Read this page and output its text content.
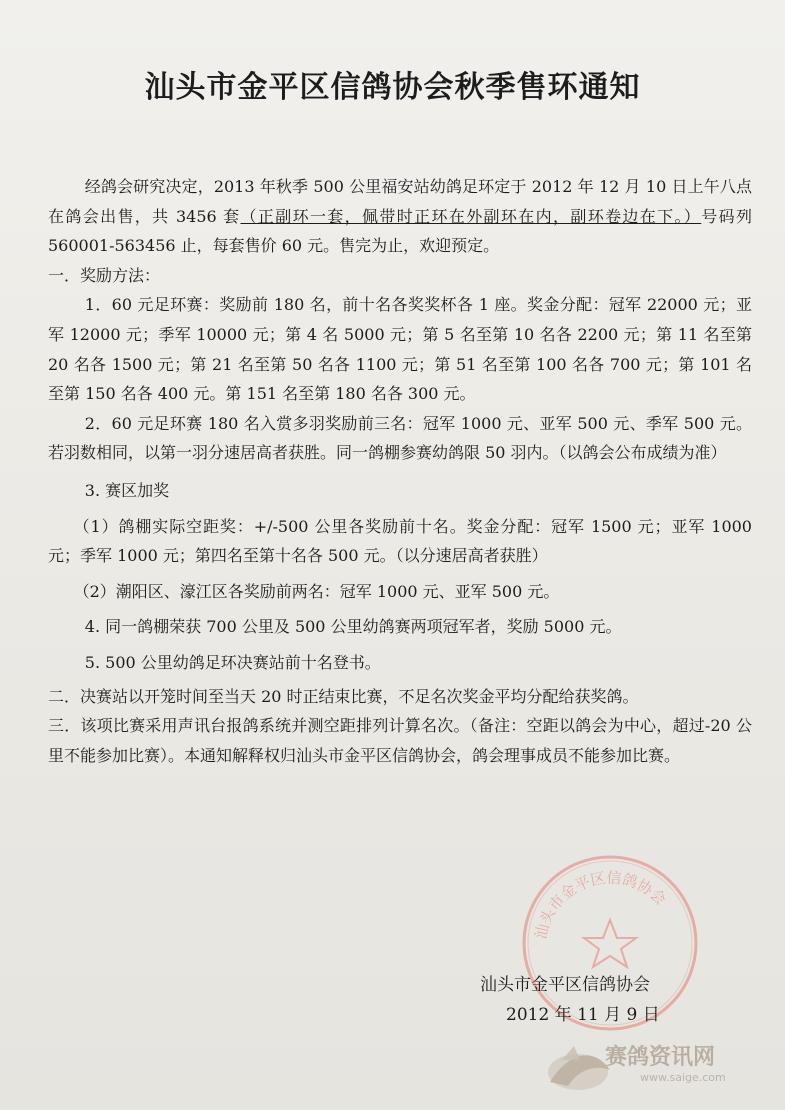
汕头市金平区信鸽协会秋季售环通知

经鸽会研究决定，2013 年秋季 500 公里福安站幼鸽足环定于 2012 年 12 月 10 日上午八点在鸽会出售，共 3456 套（正副环一套，佩带时正环在外副环在内，副环卷边在下。）号码列 560001-563456 止，每套售价 60 元。售完为止，欢迎预定。

一．奖励方法：

1．60 元足环赛：奖励前 180 名，前十名各奖奖杯各 1 座。奖金分配：冠军 22000 元；亚军 12000 元；季军 10000 元；第 4 名 5000 元；第 5 名至第 10 名各 2200 元；第 11 名至第 20 名各 1500 元；第 21 名至第 50 名各 1100 元；第 51 名至第 100 名各 700 元；第 101 名至第 150 名各 400 元。第 151 名至第 180 名各 300 元。

2．60 元足环赛 180 名入赏多羽奖励前三名：冠军 1000 元、亚军 500 元、季军 500 元。若羽数相同，以第一羽分速居高者获胜。同一鸽棚参赛幼鸽限 50 羽内。（以鸽会公布成绩为准）

3. 赛区加奖

（1）鸽棚实际空距奖：+/-500 公里各奖励前十名。奖金分配：冠军 1500 元；亚军 1000 元；季军 1000 元；第四名至第十名各 500 元。（以分速居高者获胜）

（2）潮阳区、濠江区各奖励前两名：冠军 1000 元、亚军 500 元。

4. 同一鸽棚荣获 700 公里及 500 公里幼鸽赛两项冠军者，奖励 5000 元。

5. 500 公里幼鸽足环决赛站前十名登书。

二．决赛站以开笼时间至当天 20 时正结束比赛，不足名次奖金平均分配给获奖鸽。

三．该项比赛采用声讯台报鸽系统并测空距排列计算名次。（备注：空距以鸽会为中心，超过-20 公里不能参加比赛）。本通知解释权归汕头市金平区信鸽协会，鸽会理事成员不能参加比赛。

汕头市金平区信鸽协会
汕头市金平区信鸽协会
2012 年 11 月 9 日
赛鸽资讯网
www.saige.com
